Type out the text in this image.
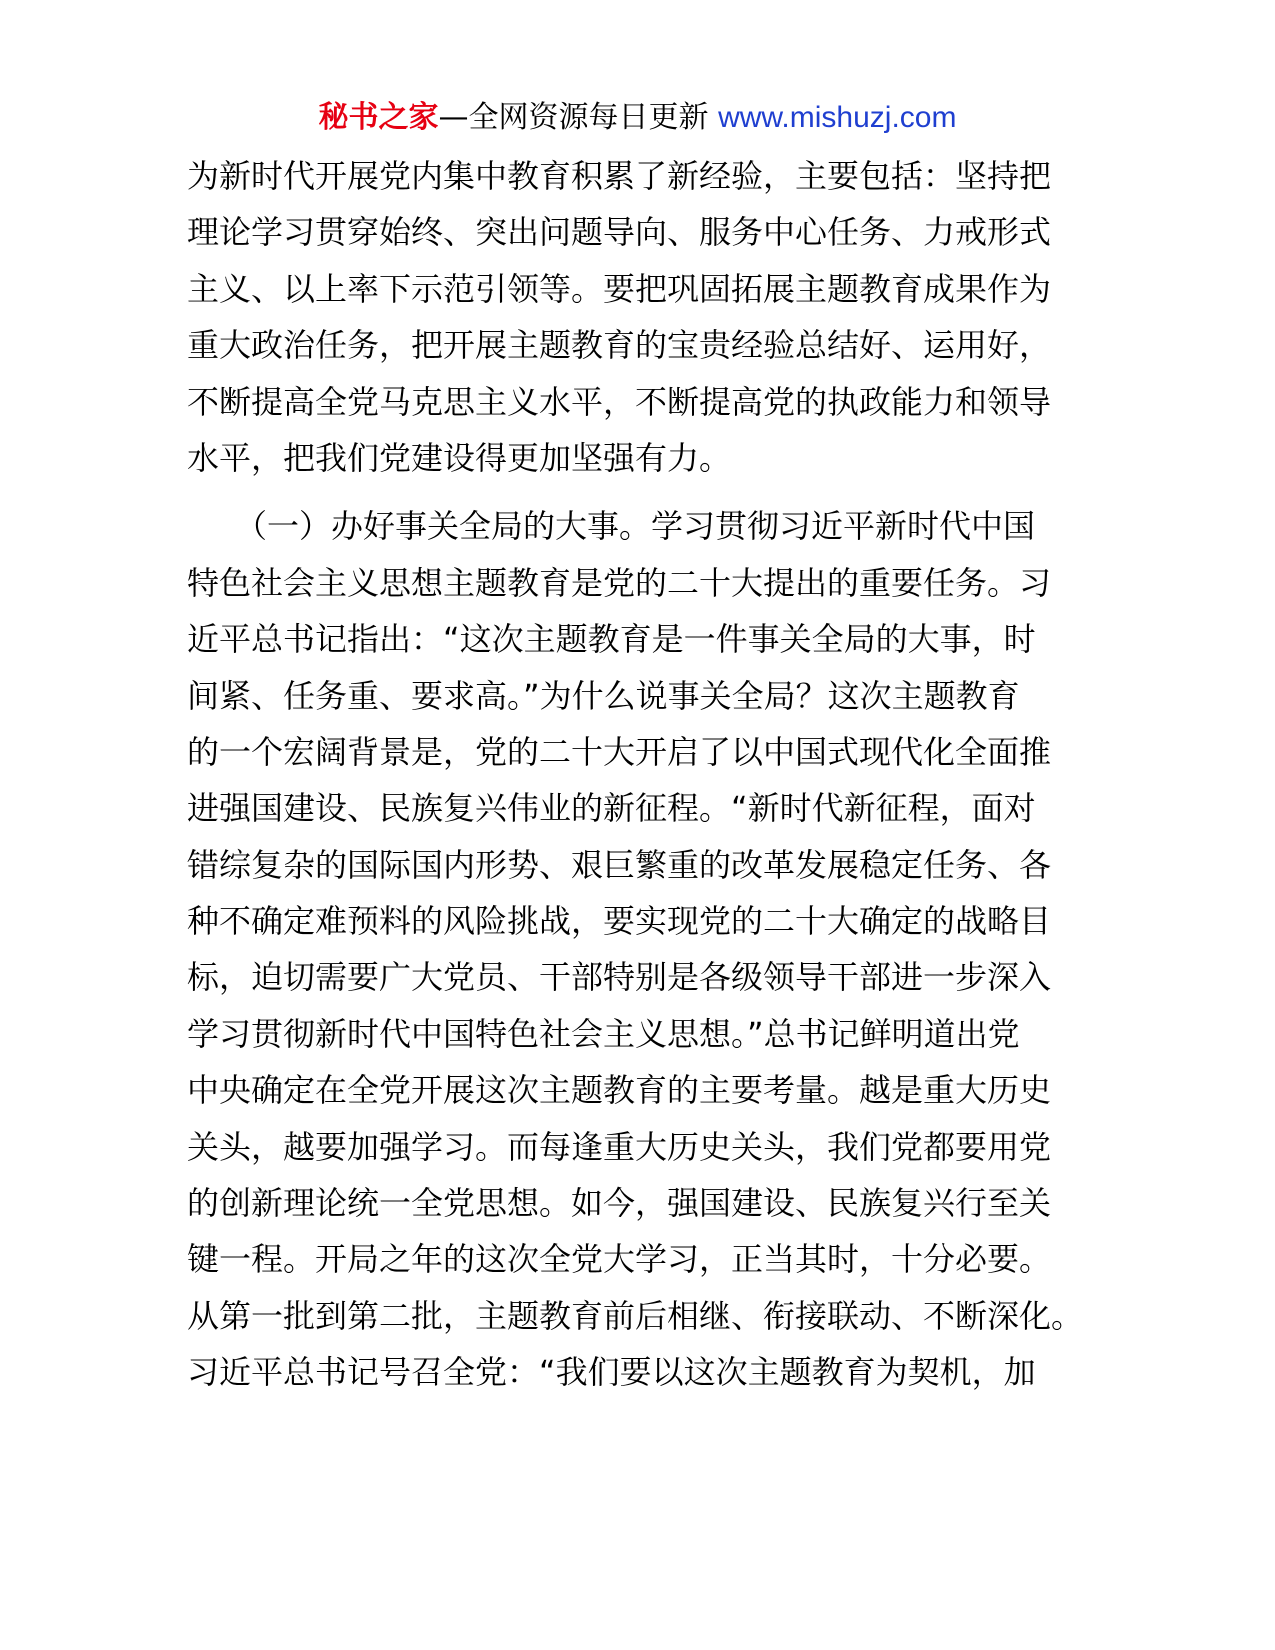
秘书之家—全网资源每日更新 www.mishuzj.com
为新时代开展党内集中教育积累了新经验，主要包括：坚持把
理论学习贯穿始终、突出问题导向、服务中心任务、力戒形式
主义、以上率下示范引领等。要把巩固拓展主题教育成果作为
重大政治任务，把开展主题教育的宝贵经验总结好、运用好，
不断提高全党马克思主义水平，不断提高党的执政能力和领导
水平，把我们党建设得更加坚强有力。
　　（一）办好事关全局的大事。学习贯彻习近平新时代中国
特色社会主义思想主题教育是党的二十大提出的重要任务。习
近平总书记指出：“这次主题教育是一件事关全局的大事，时
间紧、任务重、要求高。”为什么说事关全局？这次主题教育
的一个宏阔背景是，党的二十大开启了以中国式现代化全面推
进强国建设、民族复兴伟业的新征程。“新时代新征程，面对
错综复杂的国际国内形势、艰巨繁重的改革发展稳定任务、各
种不确定难预料的风险挑战，要实现党的二十大确定的战略目
标，迫切需要广大党员、干部特别是各级领导干部进一步深入
学习贯彻新时代中国特色社会主义思想。”总书记鲜明道出党
中央确定在全党开展这次主题教育的主要考量。越是重大历史
关头，越要加强学习。而每逢重大历史关头，我们党都要用党
的创新理论统一全党思想。如今，强国建设、民族复兴行至关
键一程。开局之年的这次全党大学习，正当其时，十分必要。
从第一批到第二批，主题教育前后相继、衔接联动、不断深化。
习近平总书记号召全党：“我们要以这次主题教育为契机，加
